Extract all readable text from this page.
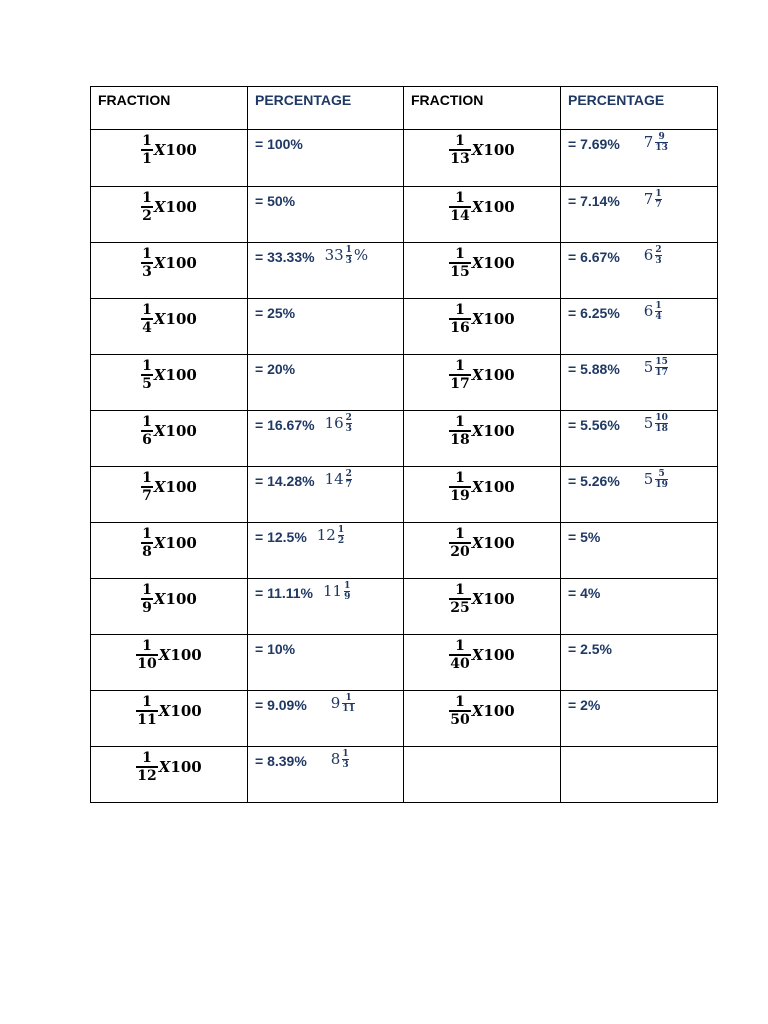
FRACTION	PERCENTAGE	FRACTION	PERCENTAGE

$\frac{1}{1} X100$	= 100%	$\frac{1}{13} X100$	= 7.69% $7 \frac{9}{13}$

$\frac{1}{2} X100$	= 50%	$\frac{1}{14} X100$	= 7.14% $7 \frac{1}{7}$

$\frac{1}{3} X100$	= 33.33% $33 \frac{1}{3}$ %	$\frac{1}{15} X100$	= 6.67% $6 \frac{2}{3}$

$\frac{1}{4} X100$	= 25%	$\frac{1}{16} X100$	= 6.25% $6 \frac{1}{4}$

$\frac{1}{5} X100$	= 20%	$\frac{1}{17} X100$	= 5.88% $5 \frac{15}{17}$

$\frac{1}{6} X100$	= 16.67% $16 \frac{2}{3}$	$\frac{1}{18} X100$	= 5.56% $5 \frac{10}{18}$

$\frac{1}{7} X100$	= 14.28% $14 \frac{2}{7}$	$\frac{1}{19} X100$	= 5.26% $5 \frac{5}{19}$

$\frac{1}{8} X100$	= 12.5% $12 \frac{1}{2}$	$\frac{1}{20} X100$	= 5%

$\frac{1}{9} X100$	= 11.11% $11 \frac{1}{9}$	$\frac{1}{25} X100$	= 4%

$\frac{1}{10} X100$	= 10%	$\frac{1}{40} X100$	= 2.5%

$\frac{1}{11} X100$	= 9.09% $9 \frac{1}{11}$	$\frac{1}{50} X100$	= 2%

$\frac{1}{12} X100$	= 8.39% $8 \frac{1}{3}$
